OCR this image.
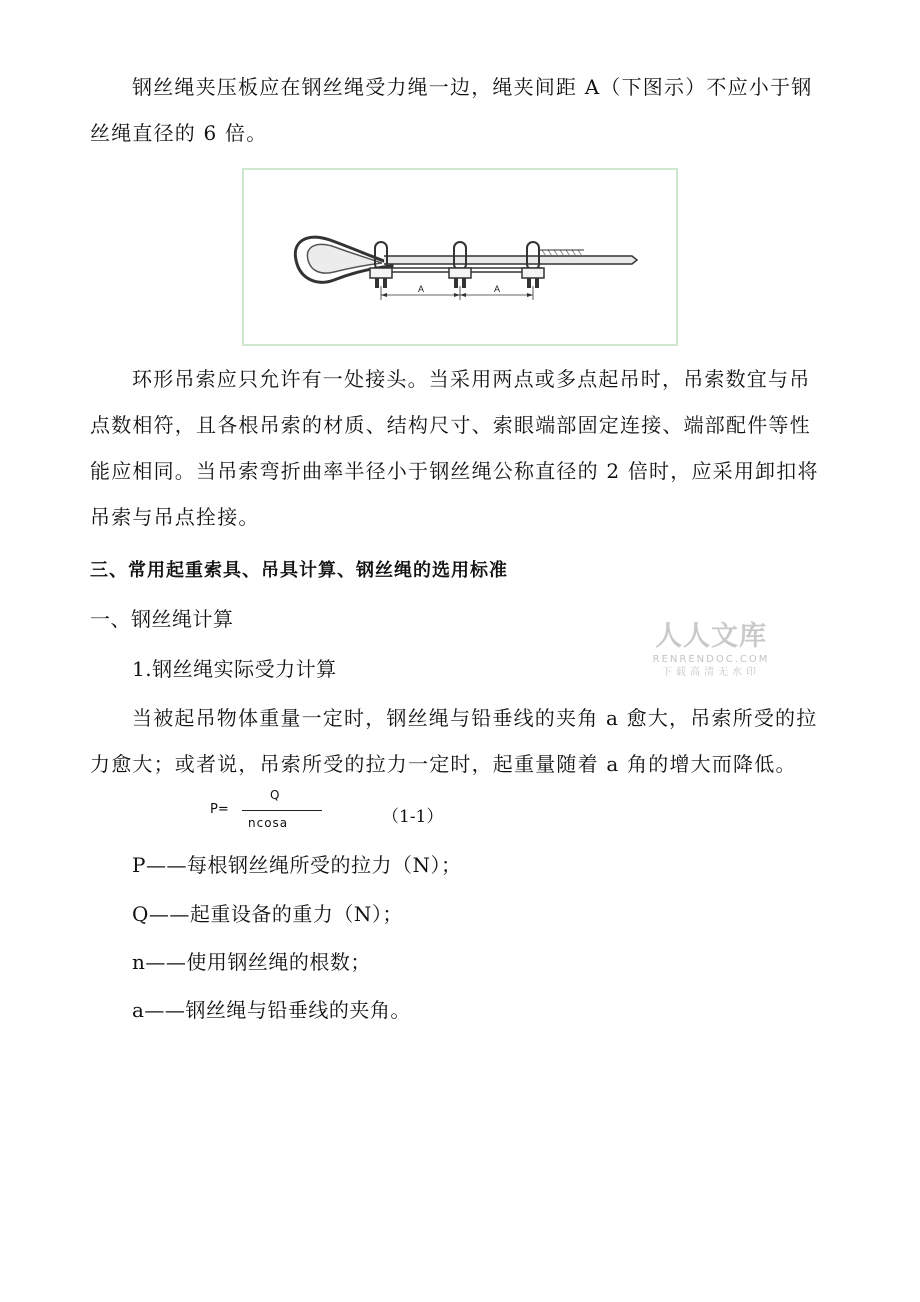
钢丝绳夹压板应在钢丝绳受力绳一边，绳夹间距 A（下图示）不应小于钢
丝绳直径的 6 倍。
A	A
环形吊索应只允许有一处接头。当采用两点或多点起吊时，吊索数宜与吊
点数相符，且各根吊索的材质、结构尺寸、索眼端部固定连接、端部配件等性
能应相同。当吊索弯折曲率半径小于钢丝绳公称直径的 2 倍时，应采用卸扣将
吊索与吊点拴接。
三、常用起重索具、吊具计算、钢丝绳的选用标准
一、钢丝绳计算
1.钢丝绳实际受力计算
人人文库
RENRENDOC.COM
下载高清无水印
当被起吊物体重量一定时，钢丝绳与铅垂线的夹角 a 愈大，吊索所受的拉
力愈大；或者说，吊索所受的拉力一定时，起重量随着 a 角的增大而降低。
P=
Q
ncosa	（1-1）
P——每根钢丝绳所受的拉力（N）；
Q——起重设备的重力（N）；
n——使用钢丝绳的根数；
a——钢丝绳与铅垂线的夹角。
